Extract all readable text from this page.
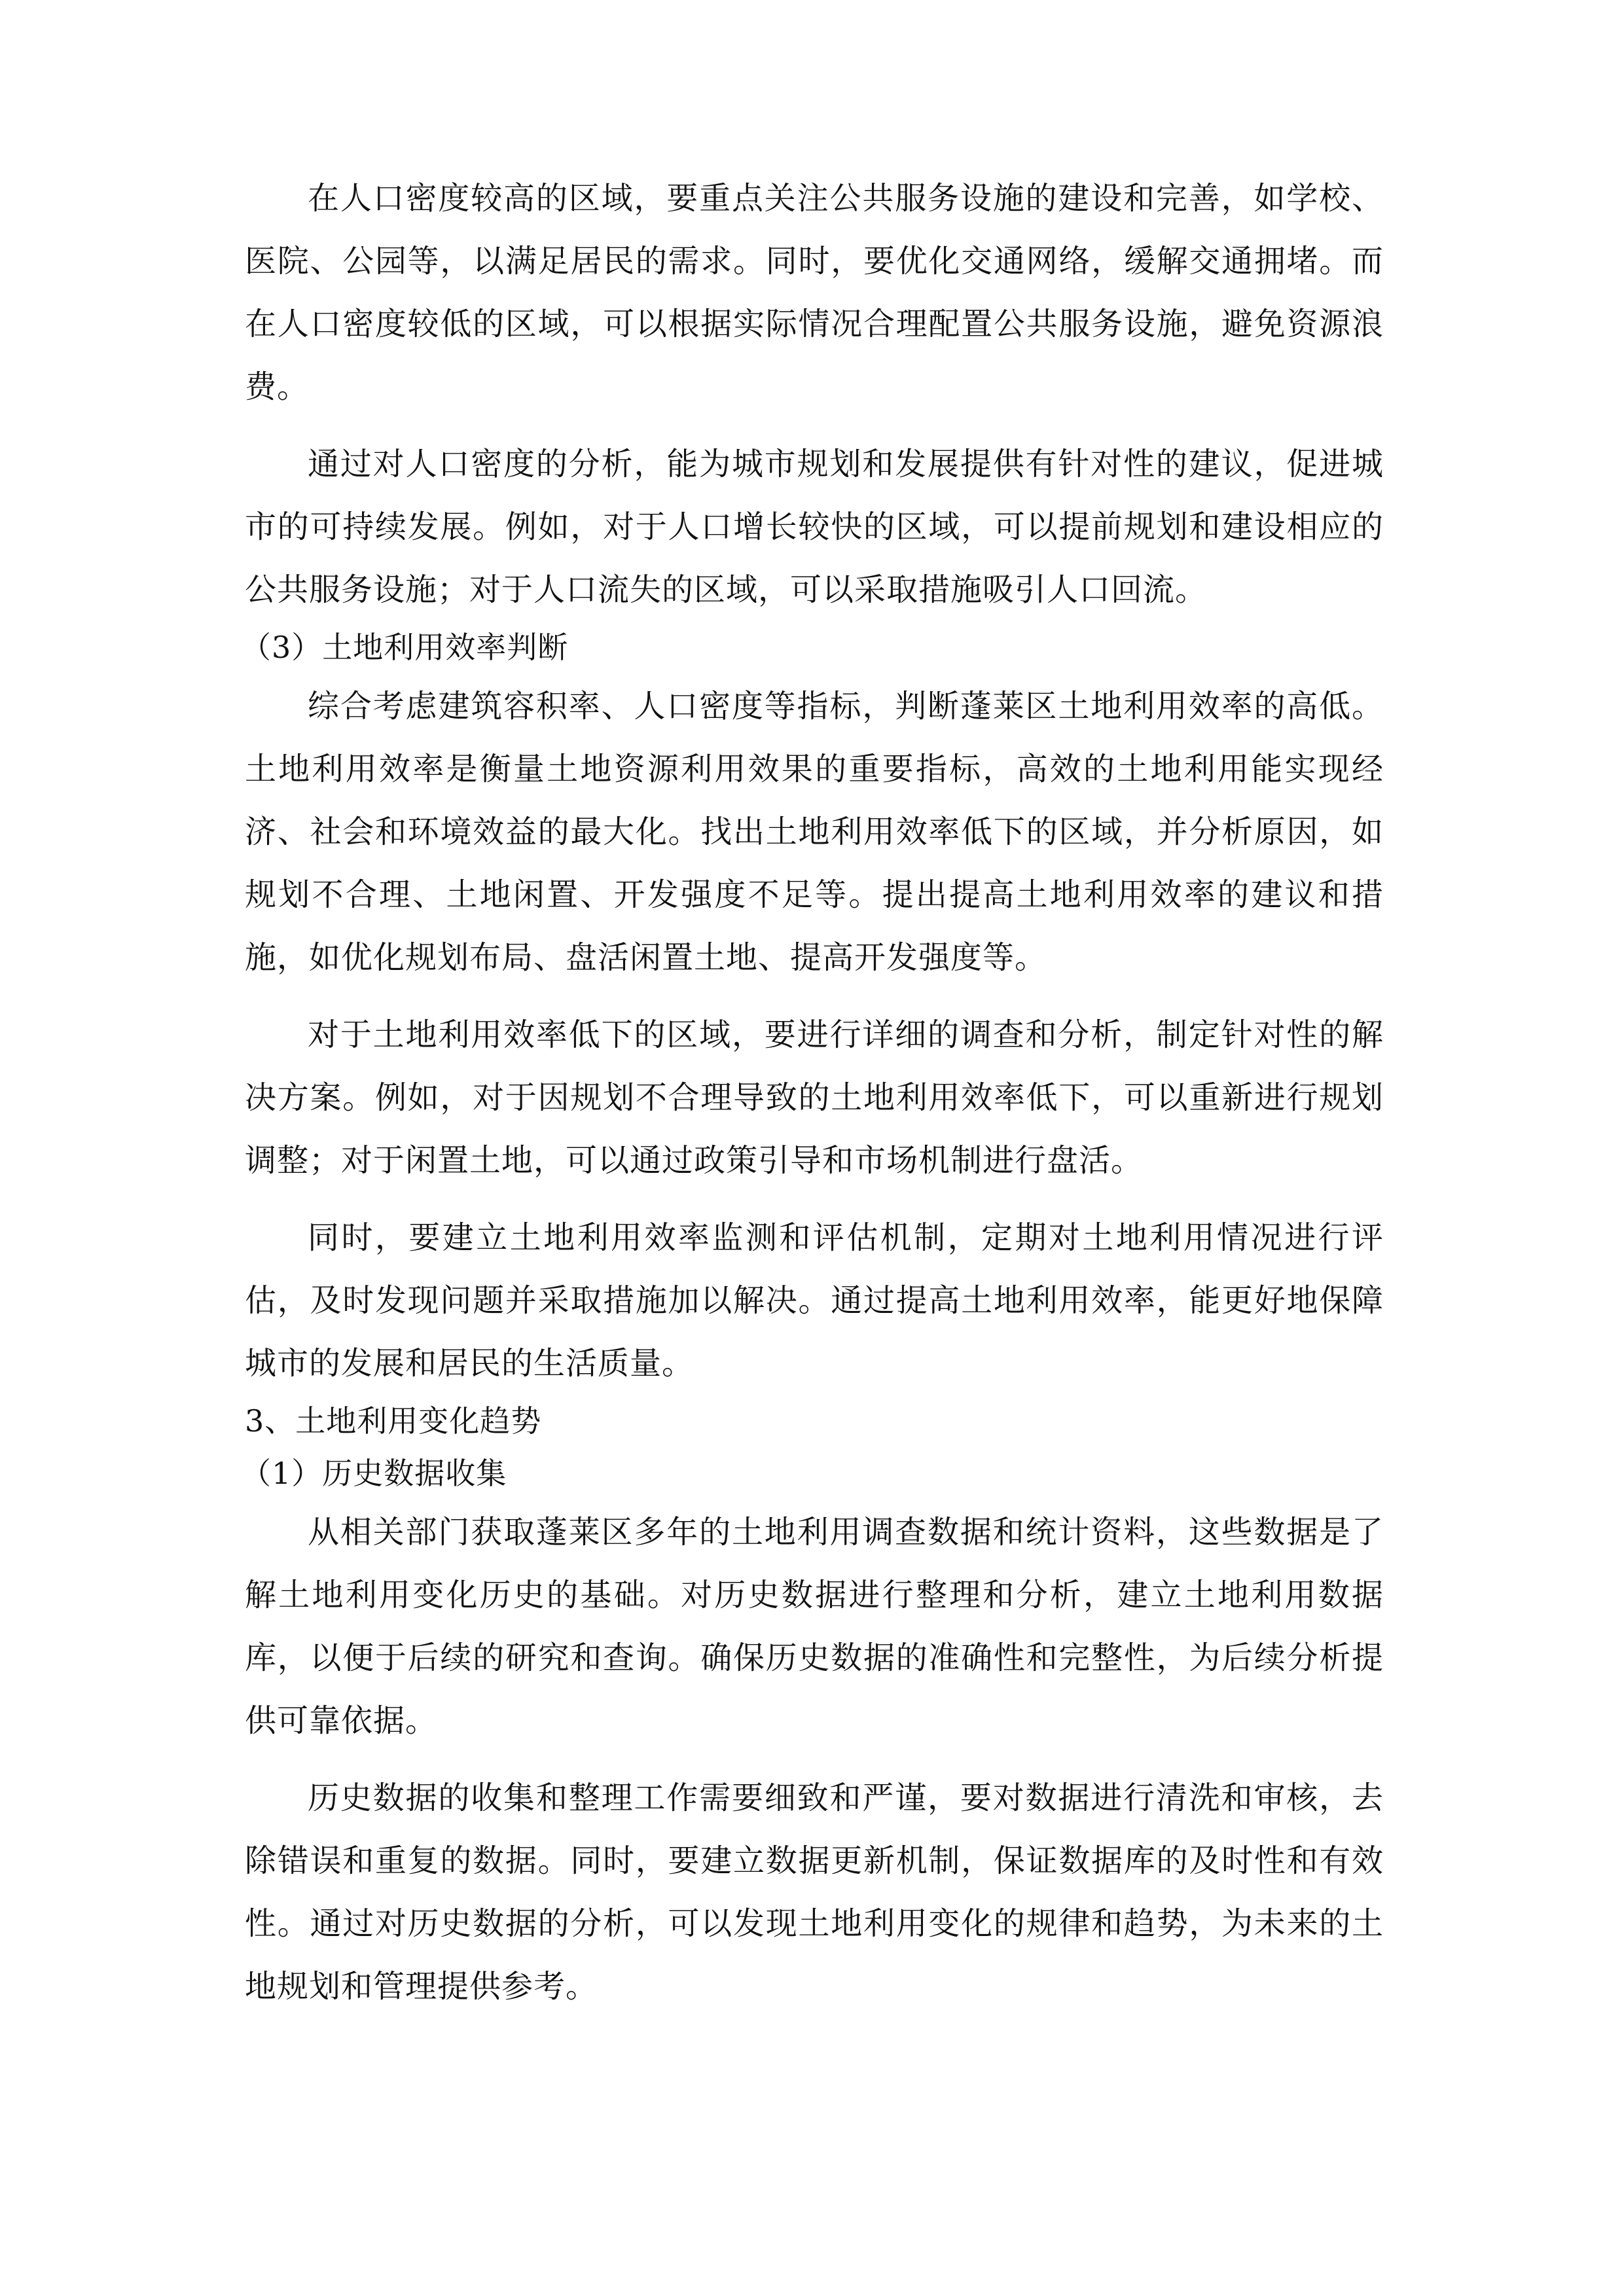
在人口密度较高的区域，要重点关注公共服务设施的建设和完善，如学校、医院、公园等，以满足居民的需求。同时，要优化交通网络，缓解交通拥堵。而在人口密度较低的区域，可以根据实际情况合理配置公共服务设施，避免资源浪费。

通过对人口密度的分析，能为城市规划和发展提供有针对性的建议，促进城市的可持续发展。例如，对于人口增长较快的区域，可以提前规划和建设相应的公共服务设施；对于人口流失的区域，可以采取措施吸引人口回流。

（3）土地利用效率判断

综合考虑建筑容积率、人口密度等指标，判断蓬莱区土地利用效率的高低。土地利用效率是衡量土地资源利用效果的重要指标，高效的土地利用能实现经济、社会和环境效益的最大化。找出土地利用效率低下的区域，并分析原因，如规划不合理、土地闲置、开发强度不足等。提出提高土地利用效率的建议和措施，如优化规划布局、盘活闲置土地、提高开发强度等。

对于土地利用效率低下的区域，要进行详细的调查和分析，制定针对性的解决方案。例如，对于因规划不合理导致的土地利用效率低下，可以重新进行规划调整；对于闲置土地，可以通过政策引导和市场机制进行盘活。

同时，要建立土地利用效率监测和评估机制，定期对土地利用情况进行评估，及时发现问题并采取措施加以解决。通过提高土地利用效率，能更好地保障城市的发展和居民的生活质量。

3、土地利用变化趋势

（1）历史数据收集

从相关部门获取蓬莱区多年的土地利用调查数据和统计资料，这些数据是了解土地利用变化历史的基础。对历史数据进行整理和分析，建立土地利用数据库，以便于后续的研究和查询。确保历史数据的准确性和完整性，为后续分析提供可靠依据。

历史数据的收集和整理工作需要细致和严谨，要对数据进行清洗和审核，去除错误和重复的数据。同时，要建立数据更新机制，保证数据库的及时性和有效性。通过对历史数据的分析，可以发现土地利用变化的规律和趋势，为未来的土地规划和管理提供参考。
